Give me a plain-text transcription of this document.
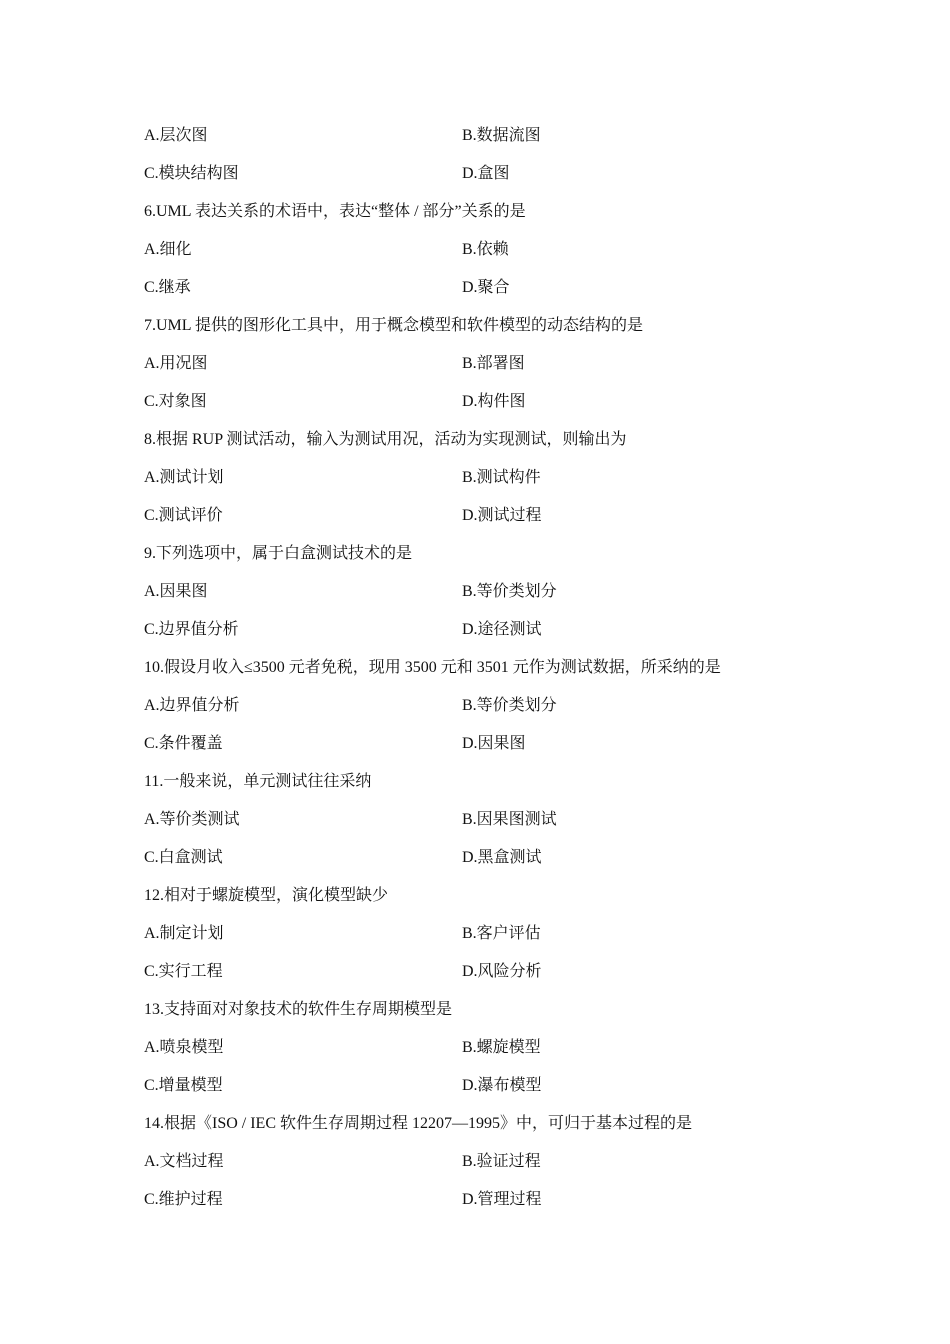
A.层次图	B.数据流图
C.模块结构图	D.盒图
6.UML 表达关系的术语中，表达“整体 / 部分”关系的是
A.细化	B.依赖
C.继承	D.聚合
7.UML 提供的图形化工具中，用于概念模型和软件模型的动态结构的是
A.用况图	B.部署图
C.对象图	D.构件图
8.根据 RUP 测试活动，输入为测试用况，活动为实现测试，则输出为
A.测试计划	B.测试构件
C.测试评价	D.测试过程
9.下列选项中，属于白盒测试技术的是
A.因果图	B.等价类划分
C.边界值分析	D.途径测试
10.假设月收入≤3500 元者免税，现用 3500 元和 3501 元作为测试数据，所采纳的是
A.边界值分析	B.等价类划分
C.条件覆盖	D.因果图
11.一般来说，单元测试往往采纳
A.等价类测试	B.因果图测试
C.白盒测试	D.黑盒测试
12.相对于螺旋模型，演化模型缺少
A.制定计划	B.客户评估
C.实行工程	D.风险分析
13.支持面对对象技术的软件生存周期模型是
A.喷泉模型	B.螺旋模型
C.增量模型	D.瀑布模型
14.根据《ISO / IEC 软件生存周期过程 12207—1995》中，可归于基本过程的是
A.文档过程	B.验证过程
C.维护过程	D.管理过程
